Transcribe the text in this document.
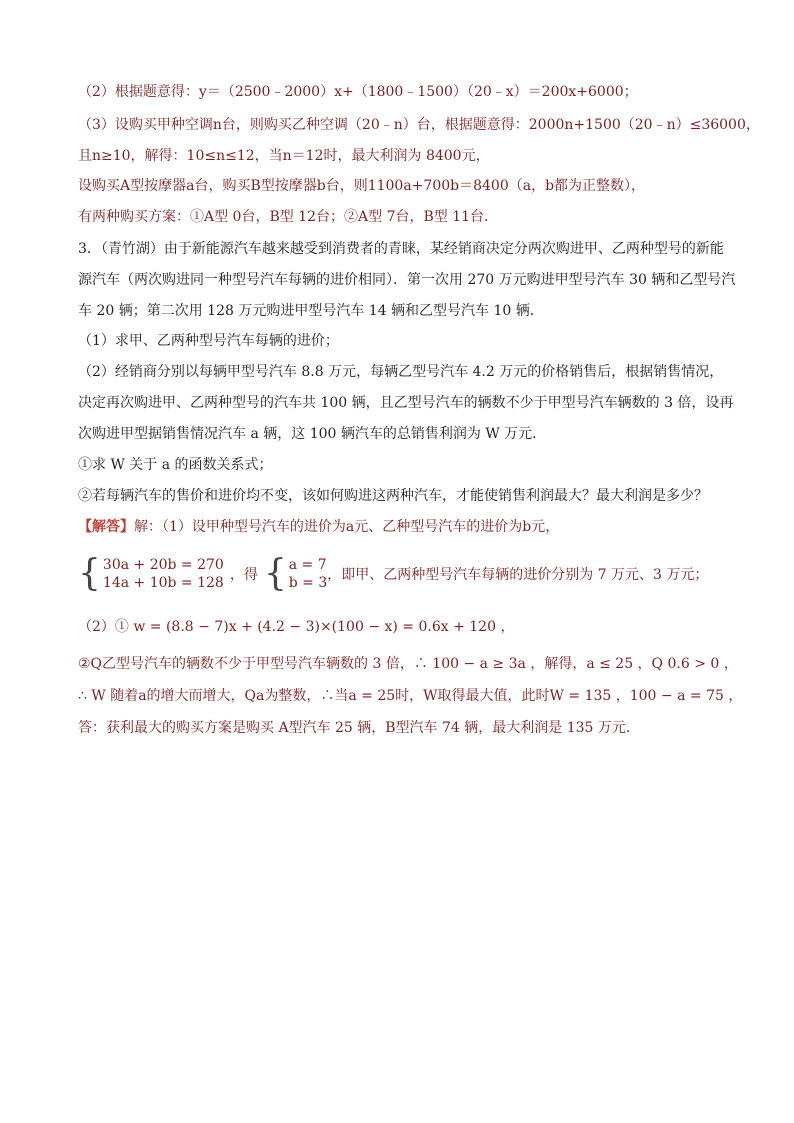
（2）根据题意得：y＝（2500﹣2000）x+（1800﹣1500）（20﹣x）＝200x+6000；
（3）设购买甲种空调n台，则购买乙种空调（20﹣n）台，根据题意得：2000n+1500（20﹣n）≤36000，
且n≥10，解得：10≤n≤12，当n＝12时，最大利润为 8400元，
设购买A型按摩器a台，购买B型按摩器b台，则1100a+700b＝8400（a，b都为正整数），
有两种购买方案：①A型 0台，B型 12台；②A型 7台，B型 11台．
3．（青竹湖）由于新能源汽车越来越受到消费者的青睐，某经销商决定分两次购进甲、乙两种型号的新能
源汽车（两次购进同一种型号汽车每辆的进价相同）．第一次用 270 万元购进甲型号汽车 30 辆和乙型号汽
车 20 辆；第二次用 128 万元购进甲型号汽车 14 辆和乙型号汽车 10 辆．
（1）求甲、乙两种型号汽车每辆的进价；
（2）经销商分别以每辆甲型号汽车 8.8 万元，每辆乙型号汽车 4.2 万元的价格销售后，根据销售情况，
决定再次购进甲、乙两种型号的汽车共 100 辆，且乙型号汽车的辆数不少于甲型号汽车辆数的 3 倍，设再
次购进甲型据销售情况汽车 a 辆，这 100 辆汽车的总销售利润为 W 万元．
①求 W 关于 a 的函数关系式；
②若每辆汽车的售价和进价均不变，该如何购进这两种汽车，才能使销售利润最大？最大利润是多少？
【解答】解：（1）设甲种型号汽车的进价为a元、乙种型号汽车的进价为b元，
{ 30a + 20b = 270
14a + 10b = 128 ，得 { a = 7
b = 3 ，即甲、乙两种型号汽车每辆的进价分别为 7 万元、3 万元；
（2）① w = (8.8 − 7)x + (4.2 − 3)×(100 − x) = 0.6x + 120 ，
②Q乙型号汽车的辆数不少于甲型号汽车辆数的 3 倍，∴ 100 − a ≥ 3a ，解得，a ≤ 25 ，Q 0.6 > 0 ，
∴ W 随着a的增大而增大，Qa为整数，∴当a = 25时，W取得最大值，此时W = 135 ，100 − a = 75 ，
答：获利最大的购买方案是购买 A型汽车 25 辆，B型汽车 74 辆，最大利润是 135 万元．
